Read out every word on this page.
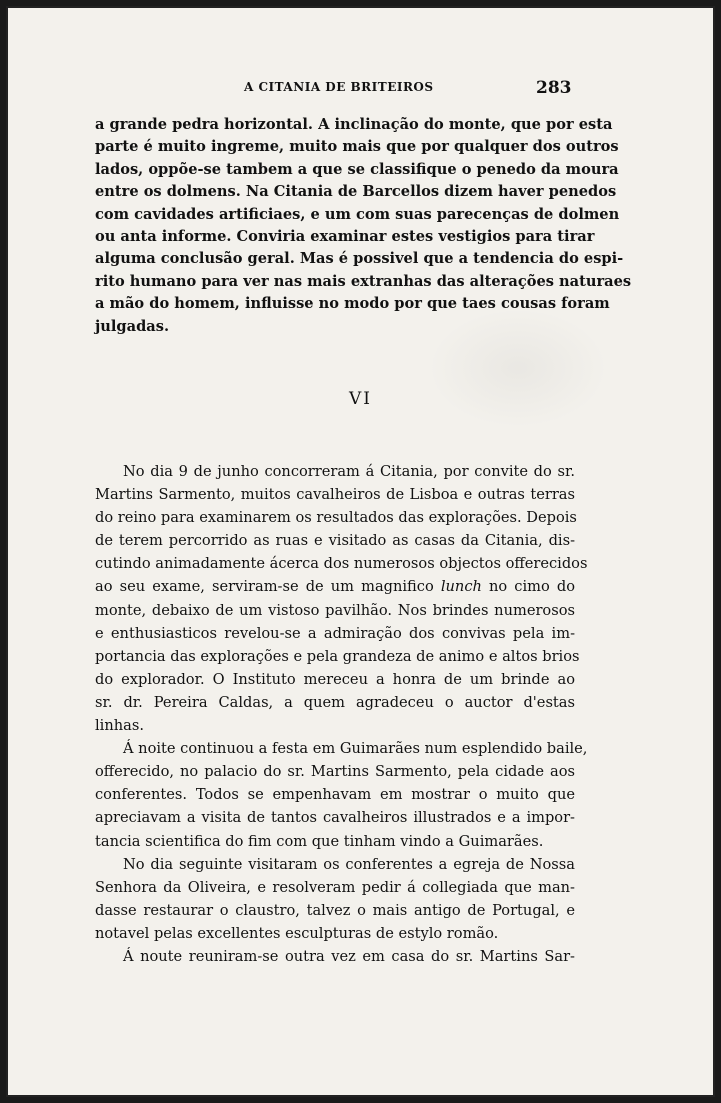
A CITANIA DE BRITEIROS	283
a grande pedra horizontal. A inclinação do monte, que por esta
parte é muito ingreme, muito mais que por qualquer dos outros
lados, oppõe-se tambem a que se classifique o penedo da moura
entre os dolmens. Na Citania de Barcellos dizem haver penedos
com cavidades artificiaes, e um com suas parecenças de dolmen
ou anta informe. Conviria examinar estes vestigios para tirar
alguma conclusão geral. Mas é possivel que a tendencia do espi-
rito humano para ver nas mais extranhas das alterações naturaes
a mão do homem, influisse no modo por que taes cousas foram
julgadas.
VI
No dia 9 de junho concorreram á Citania, por convite do sr.
Martins Sarmento, muitos cavalheiros de Lisboa e outras terras
do reino para examinarem os resultados das explorações. Depois
de terem percorrido as ruas e visitado as casas da Citania, dis-
cutindo animadamente ácerca dos numerosos objectos offerecidos
ao seu exame, serviram-se de um magnifico lunch no cimo do
monte, debaixo de um vistoso pavilhão. Nos brindes numerosos
e enthusiasticos revelou-se a admiração dos convivas pela im-
portancia das explorações e pela grandeza de animo e altos brios
do explorador. O Instituto mereceu a honra de um brinde ao
sr. dr. Pereira Caldas, a quem agradeceu o auctor d'estas
linhas.
Á noite continuou a festa em Guimarães num esplendido baile,
offerecido, no palacio do sr. Martins Sarmento, pela cidade aos
conferentes. Todos se empenhavam em mostrar o muito que
apreciavam a visita de tantos cavalheiros illustrados e a impor-
tancia scientifica do fim com que tinham vindo a Guimarães.
No dia seguinte visitaram os conferentes a egreja de Nossa
Senhora da Oliveira, e resolveram pedir á collegiada que man-
dasse restaurar o claustro, talvez o mais antigo de Portugal, e
notavel pelas excellentes esculpturas de estylo romão.
Á noute reuniram-se outra vez em casa do sr. Martins Sar-
